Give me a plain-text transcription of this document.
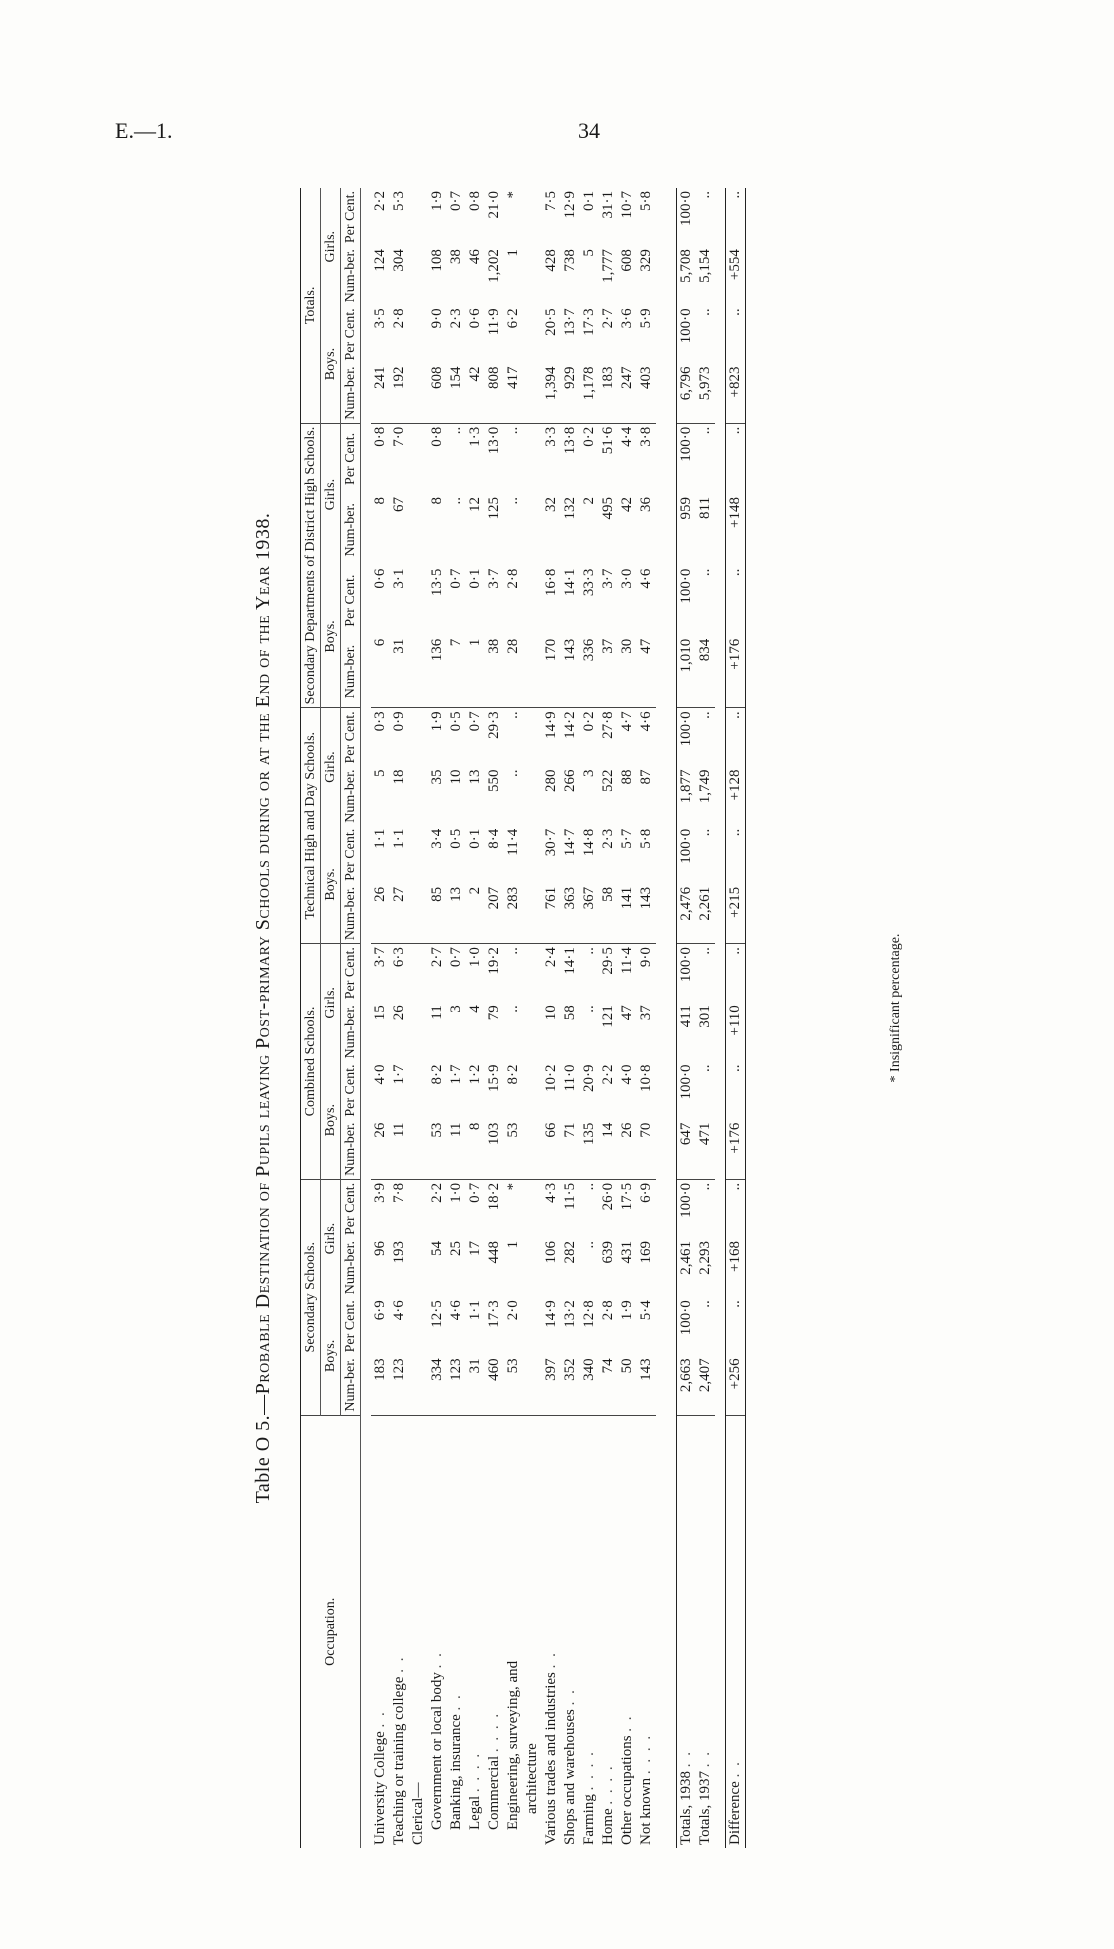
E.—1.	34
Table O 5.—Probable Destination of Pupils leaving Post-primary Schools during or at the End of the Year 1938.
Occupation.	Secondary Schools.				Combined Schools.				Technical High and Day Schools.				Secondary Departments of District High Schools.				Totals.			
	Boys.		Girls.		Boys.		Girls.		Boys.		Girls.		Boys.		Girls.		Boys.		Girls.	
	Num-ber.	Per Cent.	Num-ber.	Per Cent.	Num-ber.	Per Cent.	Num-ber.	Per Cent.	Num-ber.	Per Cent.	Num-ber.	Per Cent.	Num-ber.	Per Cent.	Num-ber.	Per Cent.	Num-ber.	Per Cent.	Num-ber.	Per Cent.

University College . .	183	6·9	96	3·9	26	4·0	15	3·7	26	1·1	5	0·3	6	0·6	8	0·8	241	3·5	124	2·2
Teaching or training college . .	123	4·6	193	7·8	11	1·7	26	6·3	27	1·1	18	0·9	31	3·1	67	7·0	192	2·8	304	5·3
Clerical—																				
Government or local body . .	334	12·5	54	2·2	53	8·2	11	2·7	85	3·4	35	1·9	136	13·5	8	0·8	608	9·0	108	1·9
Banking, insurance . .	123	4·6	25	1·0	11	1·7	3	0·7	13	0·5	10	0·5	7	0·7	..	..	154	2·3	38	0·7
Legal . . . .	31	1·1	17	0·7	8	1·2	4	1·0	2	0·1	13	0·7	1	0·1	12	1·3	42	0·6	46	0·8
Commercial . . . .	460	17·3	448	18·2	103	15·9	79	19·2	207	8·4	550	29·3	38	3·7	125	13·0	808	11·9	1,202	21·0
Engineering, surveying, and	53	2·0	1	*	53	8·2	..	..	283	11·4	..	..	28	2·8	..	..	417	6·2	1	*
architecture																				
Various trades and industries . .	397	14·9	106	4·3	66	10·2	10	2·4	761	30·7	280	14·9	170	16·8	32	3·3	1,394	20·5	428	7·5
Shops and warehouses . .	352	13·2	282	11·5	71	11·0	58	14·1	363	14·7	266	14·2	143	14·1	132	13·8	929	13·7	738	12·9
Farming . . . .	340	12·8	..	..	135	20·9	..	..	367	14·8	3	0·2	336	33·3	2	0·2	1,178	17·3	5	0·1
Home . . . .	74	2·8	639	26·0	14	2·2	121	29·5	58	2·3	522	27·8	37	3·7	495	51·6	183	2·7	1,777	31·1
Other occupations . .	50	1·9	431	17·5	26	4·0	47	11·4	141	5·7	88	4·7	30	3·0	42	4·4	247	3·6	608	10·7
Not known . . . .	143	5·4	169	6·9	70	10·8	37	9·0	143	5·8	87	4·6	47	4·6	36	3·8	403	5·9	329	5·8

Totals, 1938 . .	2,663	100·0	2,461	100·0	647	100·0	411	100·0	2,476	100·0	1,877	100·0	1,010	100·0	959	100·0	6,796	100·0	5,708	100·0
Totals, 1937 . .	2,407	..	2,293	..	471	..	301	..	2,261	..	1,749	..	834	..	811	..	5,973	..	5,154	..

Difference . .	+256	..	+168	..	+176	..	+110	..	+215	..	+128	..	+176	..	+148	..	+823	..	+554	..
* Insignificant percentage.
